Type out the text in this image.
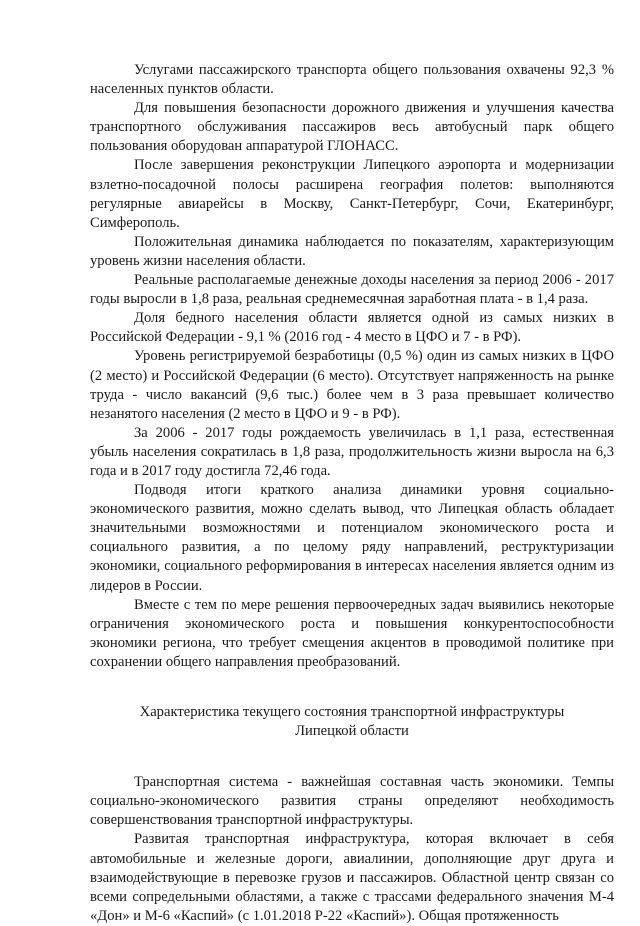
Услугами пассажирского транспорта общего пользования охвачены 92,3 % населенных пунктов области.

Для повышения безопасности дорожного движения и улучшения качества транспортного обслуживания пассажиров весь автобусный парк общего пользования оборудован аппаратурой ГЛОНАСС.

После завершения реконструкции Липецкого аэропорта и модернизации взлетно-посадочной полосы расширена география полетов: выполняются регулярные авиарейсы в Москву, Санкт-Петербург, Сочи, Екатеринбург, Симферополь.

Положительная динамика наблюдается по показателям, характеризующим уровень жизни населения области.

Реальные располагаемые денежные доходы населения за период 2006 - 2017 годы выросли в 1,8 раза, реальная среднемесячная заработная плата - в 1,4 раза.

Доля бедного населения области является одной из самых низких в Российской Федерации - 9,1 % (2016 год - 4 место в ЦФО и 7 - в РФ).

Уровень регистрируемой безработицы (0,5 %) один из самых низких в ЦФО (2 место) и Российской Федерации (6 место). Отсутствует напряженность на рынке труда - число вакансий (9,6 тыс.) более чем в 3 раза превышает количество незанятого населения (2 место в ЦФО и 9 - в РФ).

За 2006 - 2017 годы рождаемость увеличилась в 1,1 раза, естественная убыль населения сократилась в 1,8 раза, продолжительность жизни выросла на 6,3 года и в 2017 году достигла 72,46 года.

Подводя итоги краткого анализа динамики уровня социально-экономического развития, можно сделать вывод, что Липецкая область обладает значительными возможностями и потенциалом экономического роста и социального развития, а по целому ряду направлений, реструктуризации экономики, социального реформирования в интересах населения является одним из лидеров в России.

Вместе с тем по мере решения первоочередных задач выявились некоторые ограничения экономического роста и повышения конкурентоспособности экономики региона, что требует смещения акцентов в проводимой политике при сохранении общего направления преобразований.

Характеристика текущего состояния транспортной инфраструктуры
Липецкой области

Транспортная система - важнейшая составная часть экономики. Темпы социально-экономического развития страны определяют необходимость совершенствования транспортной инфраструктуры.

Развитая транспортная инфраструктура, которая включает в себя автомобильные и железные дороги, авиалинии, дополняющие друг друга и взаимодействующие в перевозке грузов и пассажиров. Областной центр связан со всеми сопредельными областями, а также с трассами федерального значения М-4 «Дон» и М-6 «Каспий» (с 1.01.2018 Р-22 «Каспий»). Общая протяженность
